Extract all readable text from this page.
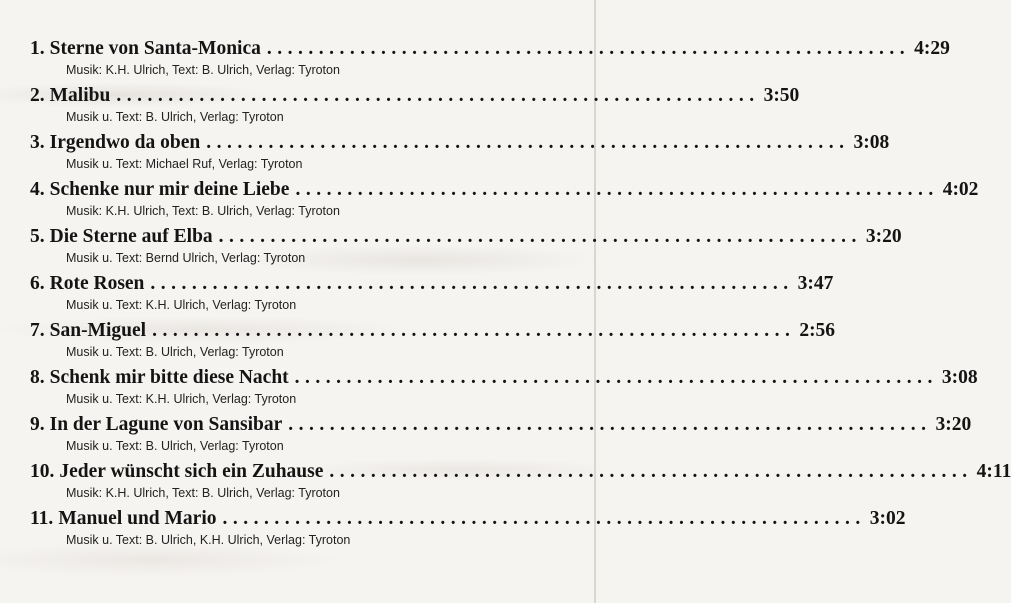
1. Sterne von Santa-Monica .............................................................. 4:29
Musik: K.H. Ulrich, Text: B. Ulrich, Verlag: Tyroton
2. Malibu .............................................................. 3:50
Musik u. Text: B. Ulrich, Verlag: Tyroton
3. Irgendwo da oben .............................................................. 3:08
Musik u. Text: Michael Ruf, Verlag: Tyroton
4. Schenke nur mir deine Liebe .............................................................. 4:02
Musik: K.H. Ulrich, Text: B. Ulrich, Verlag: Tyroton
5. Die Sterne auf Elba .............................................................. 3:20
Musik u. Text: Bernd Ulrich, Verlag: Tyroton
6. Rote Rosen .............................................................. 3:47
Musik u. Text: K.H. Ulrich, Verlag: Tyroton
7. San-Miguel .............................................................. 2:56
Musik u. Text: B. Ulrich, Verlag: Tyroton
8. Schenk mir bitte diese Nacht .............................................................. 3:08
Musik u. Text: K.H. Ulrich, Verlag: Tyroton
9. In der Lagune von Sansibar .............................................................. 3:20
Musik u. Text: B. Ulrich, Verlag: Tyroton
10. Jeder wünscht sich ein Zuhause .............................................................. 4:11
Musik: K.H. Ulrich, Text: B. Ulrich, Verlag: Tyroton
11. Manuel und Mario .............................................................. 3:02
Musik u. Text: B. Ulrich, K.H. Ulrich, Verlag: Tyroton
